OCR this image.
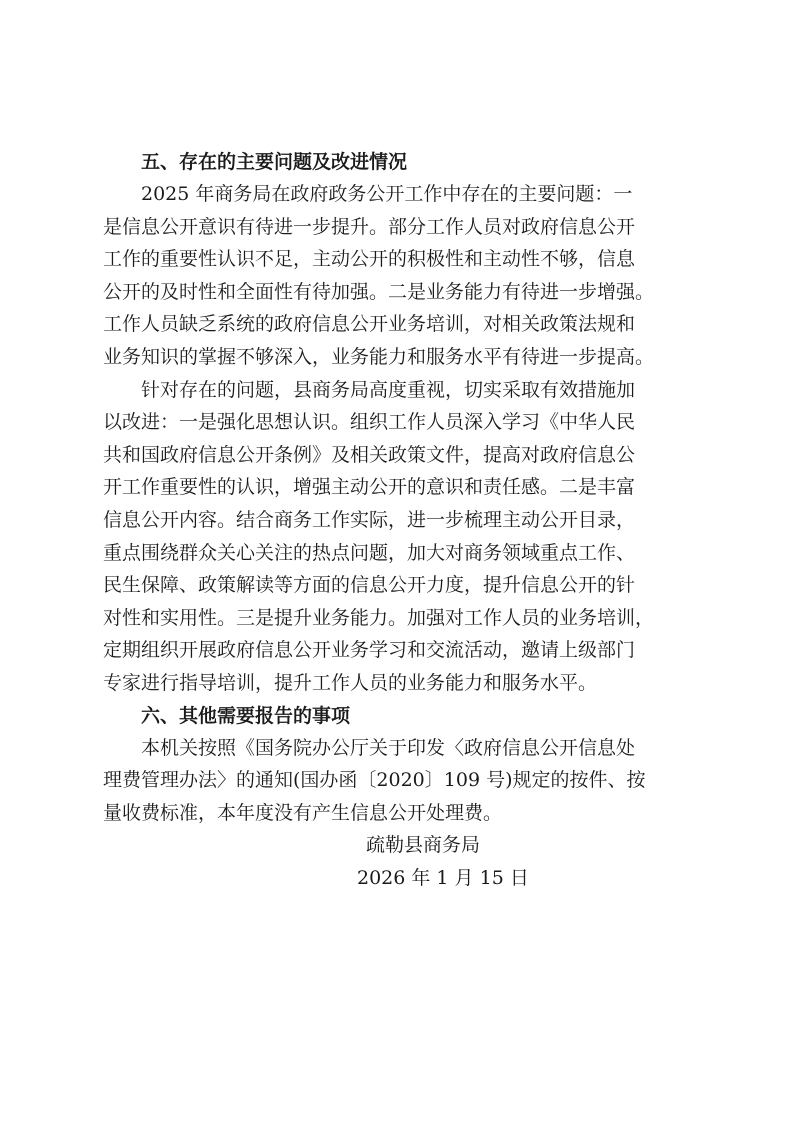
五、存在的主要问题及改进情况
2025 年商务局在政府政务公开工作中存在的主要问题：一
是信息公开意识有待进一步提升。部分工作人员对政府信息公开
工作的重要性认识不足，主动公开的积极性和主动性不够，信息
公开的及时性和全面性有待加强。二是业务能力有待进一步增强。
工作人员缺乏系统的政府信息公开业务培训，对相关政策法规和
业务知识的掌握不够深入，业务能力和服务水平有待进一步提高。
针对存在的问题，县商务局高度重视，切实采取有效措施加
以改进：一是强化思想认识。组织工作人员深入学习《中华人民
共和国政府信息公开条例》及相关政策文件，提高对政府信息公
开工作重要性的认识，增强主动公开的意识和责任感。二是丰富
信息公开内容。结合商务工作实际，进一步梳理主动公开目录，
重点围绕群众关心关注的热点问题，加大对商务领域重点工作、
民生保障、政策解读等方面的信息公开力度，提升信息公开的针
对性和实用性。三是提升业务能力。加强对工作人员的业务培训，
定期组织开展政府信息公开业务学习和交流活动，邀请上级部门
专家进行指导培训，提升工作人员的业务能力和服务水平。
六、其他需要报告的事项
本机关按照《国务院办公厅关于印发〈政府信息公开信息处
理费管理办法〉的通知(国办函〔2020〕109 号)规定的按件、按
量收费标准，本年度没有产生信息公开处理费。
疏勒县商务局
2026 年 1 月 15 日
